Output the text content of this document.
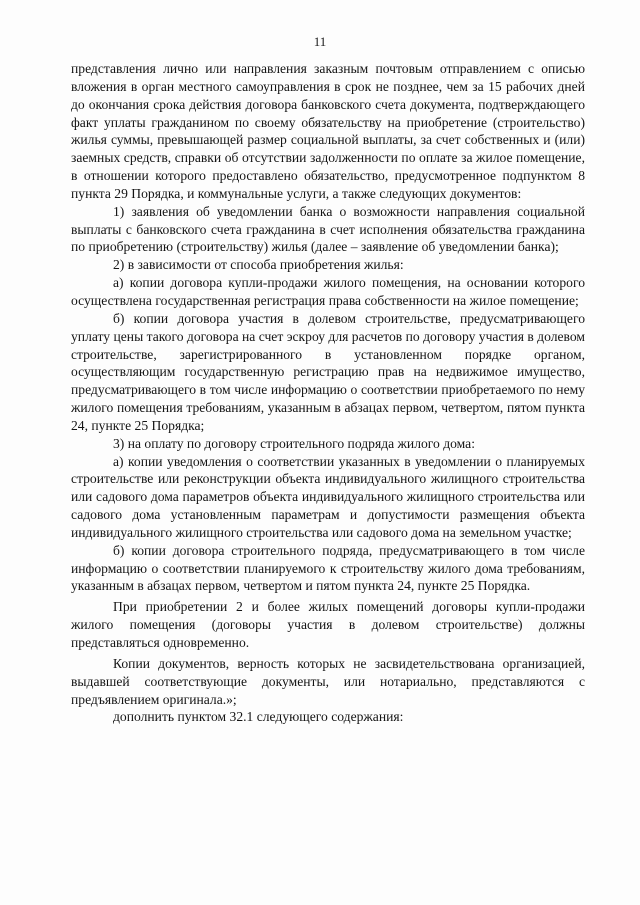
11

представления лично или направления заказным почтовым отправлением с описью вложения в орган местного самоуправления в срок не позднее, чем за 15 рабочих дней до окончания срока действия договора банковского счета документа, подтверждающего факт уплаты гражданином по своему обязательству на приобретение (строительство) жилья суммы, превышающей размер социальной выплаты, за счет собственных и (или) заемных средств, справки об отсутствии задолженности по оплате за жилое помещение, в отношении которого предоставлено обязательство, предусмотренное подпунктом 8 пункта 29 Порядка, и коммунальные услуги, а также следующих документов:

1) заявления об уведомлении банка о возможности направления социальной выплаты с банковского счета гражданина в счет исполнения обязательства гражданина по приобретению (строительству) жилья (далее – заявление об уведомлении банка);

2) в зависимости от способа приобретения жилья:

а) копии договора купли-продажи жилого помещения, на основании которого осуществлена государственная регистрация права собственности на жилое помещение;

б) копии договора участия в долевом строительстве, предусматривающего уплату цены такого договора на счет эскроу для расчетов по договору участия в долевом строительстве, зарегистрированного в установленном порядке органом, осуществляющим государственную регистрацию прав на недвижимое имущество, предусматривающего в том числе информацию о соответствии приобретаемого по нему жилого помещения требованиям, указанным в абзацах первом, четвертом, пятом пункта 24, пункте 25 Порядка;

3) на оплату по договору строительного подряда жилого дома:

а) копии уведомления о соответствии указанных в уведомлении о планируемых строительстве или реконструкции объекта индивидуального жилищного строительства или садового дома параметров объекта индивидуального жилищного строительства или садового дома установленным параметрам и допустимости размещения объекта индивидуального жилищного строительства или садового дома на земельном участке;

б) копии договора строительного подряда, предусматривающего в том числе информацию о соответствии планируемого к строительству жилого дома требованиям, указанным в абзацах первом, четвертом и пятом пункта 24, пункте 25 Порядка.

При приобретении 2 и более жилых помещений договоры купли-продажи жилого помещения (договоры участия в долевом строительстве) должны представляться одновременно.

Копии документов, верность которых не засвидетельствована организацией, выдавшей соответствующие документы, или нотариально, представляются с предъявлением оригинала.»;

дополнить пунктом 32.1 следующего содержания:
